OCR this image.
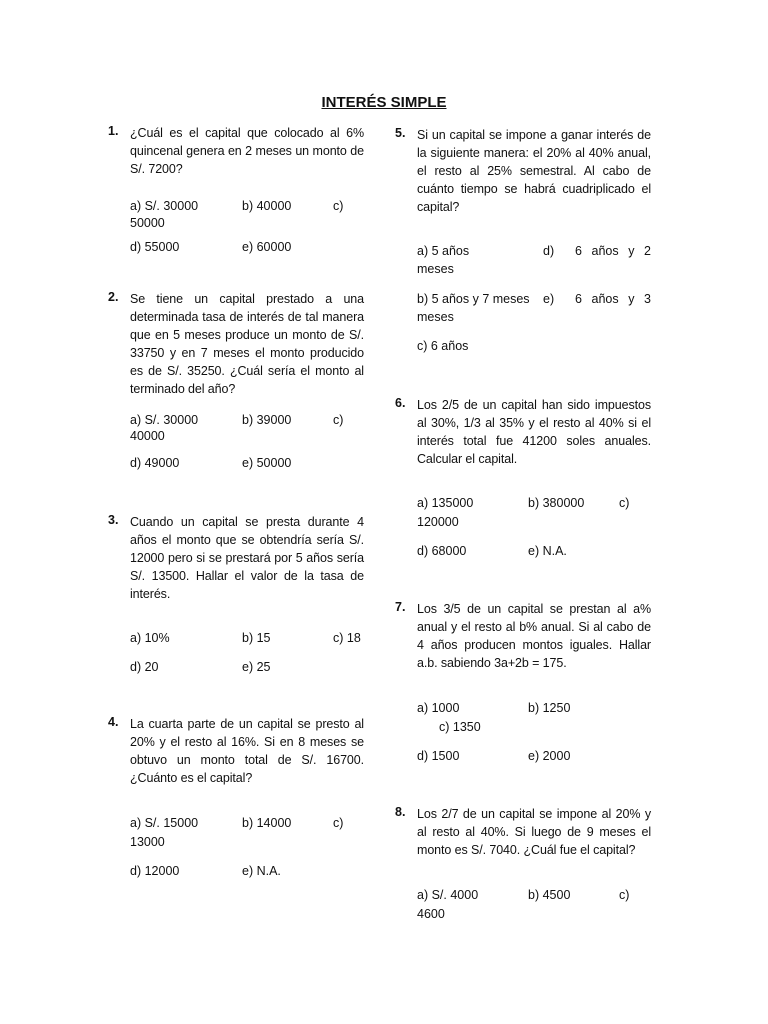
INTERÉS SIMPLE
1. ¿Cuál es el capital que colocado al 6% quincenal genera en 2 meses un monto de S/. 7200?
a) S/. 30000	b) 40000	c)
50000
d) 55000	e) 60000
2. Se tiene un capital prestado a una determinada tasa de interés de tal manera que en 5 meses produce un monto de S/. 33750 y en 7 meses el monto producido es de S/. 35250. ¿Cuál sería el monto al terminado del año?
a) S/. 30000	b) 39000	c)
40000
d) 49000	e) 50000
3. Cuando un capital se presta durante 4 años el monto que se obtendría sería S/. 12000 pero si se prestará por 5 años sería S/. 13500. Hallar el valor de la tasa de interés.
a) 10%	b) 15	c) 18
d) 20	e) 25
4. La cuarta parte de un capital se presto al 20% y el resto al 16%. Si en 8 meses se obtuvo un monto total de S/. 16700. ¿Cuánto es el capital?
a) S/. 15000	b) 14000	c)
13000
d) 12000	e) N.A.
5. Si un capital se impone a ganar interés de la siguiente manera: el 20% al 40% anual, el resto al 25% semestral. Al cabo de cuánto tiempo se habrá cuadriplicado el capital?
a) 5 años	d) 6 años y 2
meses
b) 5 años y 7 meses e) 6 años y 3
meses
c) 6 años
6. Los 2/5 de un capital han sido impuestos al 30%, 1/3 al 35% y el resto al 40% si el interés total fue 41200 soles anuales. Calcular el capital.
a) 135000	b) 380000	c)
120000
d) 68000	e) N.A.
7. Los 3/5 de un capital se prestan al a% anual y el resto al b% anual. Si al cabo de 4 años producen montos iguales. Hallar a.b. sabiendo 3a+2b = 175.
a) 1000	b) 1250
c) 1350
d) 1500	e) 2000
8. Los 2/7 de un capital se impone al 20% y al resto al 40%. Si luego de 9 meses el monto es S/. 7040. ¿Cuál fue el capital?
a) S/. 4000	b) 4500	c)
4600
